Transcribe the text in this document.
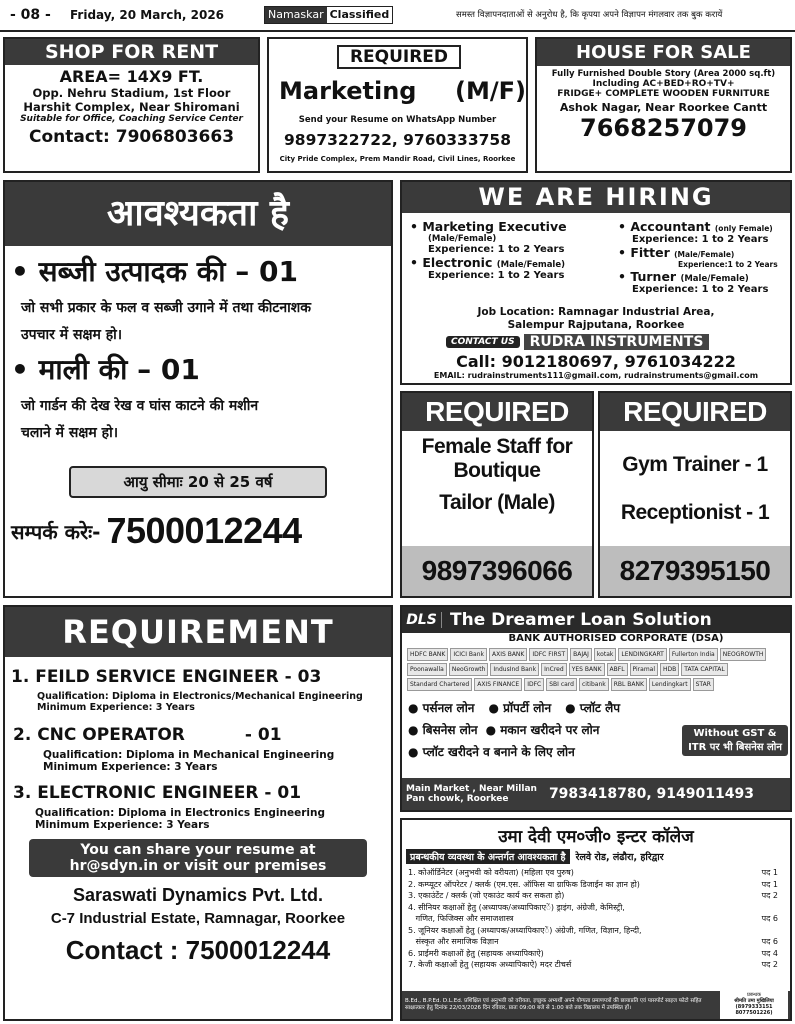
- 08 - Friday, 20 March, 2026	Namaskar Classified	समस्त विज्ञापनदाताओं से अनुरोध है, कि कृपया अपने विज्ञापन मंगलवार तक बुक करायें
SHOP FOR RENT
AREA= 14X9 FT.
Opp. Nehru Stadium, 1st Floor
Harshit Complex, Near Shiromani
Suitable for Office, Coaching Service Center
Contact: 7906803663
REQUIRED
Marketing (M/F)
Send your Resume on WhatsApp Number
9897322722, 9760333758
City Pride Complex, Prem Mandir Road, Civil Lines, Roorkee
HOUSE FOR SALE
Fully Furnished Double Story (Area 2000 sq.ft)
Including AC+BED+RO+TV+
FRIDGE+ COMPLETE WOODEN FURNITURE
Ashok Nagar, Near Roorkee Cantt
7668257079
आवश्यकता है
• सब्जी उत्पादक की – 01
जो सभी प्रकार के फल व सब्जी उगाने में तथा कीटनाशक
उपचार में सक्षम हो।
• माली की – 01
जो गार्डन की देख रेख व घांस काटने की मशीन
चलाने में सक्षम हो।
आयु सीमाः 20 से 25 वर्ष
सम्पर्क करेः- 7500012244
WE ARE HIRING
• Marketing Executive
(Male/Female)
Experience: 1 to 2 Years
• Electronic (Male/Female)
Experience: 1 to 2 Years
• Accountant (only Female)
Experience: 1 to 2 Years
• Fitter (Male/Female)
Experience:1 to 2 Years
• Turner (Male/Female)
Experience: 1 to 2 Years
Job Location: Ramnagar Industrial Area,
Salempur Rajputana, Roorkee
CONTACT US	RUDRA INSTRUMENTS
Call: 9012180697, 9761034222
EMAIL: rudrainstruments111@gmail.com, rudrainstruments@gmail.com
REQUIRED
Female Staff for
Boutique
Tailor (Male)
9897396066
REQUIRED
Gym Trainer - 1
Receptionist - 1
8279395150
REQUIREMENT
1. FEILD SERVICE ENGINEER - 03
Qualification: Diploma in Electronics/Mechanical Engineering
Minimum Experience: 3 Years
2. CNC OPERATOR	- 01
Qualification: Diploma in Mechanical Engineering
Minimum Experience: 3 Years
3. ELECTRONIC ENGINEER - 01
Qualification: Diploma in Electronics Engineering
Minimum Experience: 3 Years
You can share your resume at
hr@sdyn.in or visit our premises
Saraswati Dynamics Pvt. Ltd.
C-7 Industrial Estate, Ramnagar, Roorkee
Contact : 7500012244
DLS The Dreamer Loan Solution
BANK AUTHORISED CORPORATE (DSA)
HDFC BANK ICICI Bank AXIS BANK IDFC FIRST BAJAJ kotak LENDINGKART Fullerton India NEOGROWTHPoonawalla NeoGrowth IndusInd Bank InCred YES BANK ABFL Piramal HDB TATA CAPITALStandard Chartered AXIS FINANCE IDFC SBI card citibank RBL BANK Lendingkart STAR
● पर्सनल लोन ● प्रॉपर्टी लोन ● प्लॉट लैप
● बिसनेस लोन ● मकान खरीदने पर लोन
● प्लॉट खरीदने व बनाने के लिए लोन
Without GST & ITR पर भी बिसनेस लोन
Main Market , Near Millan
Pan chowk, Roorkee	7983418780, 9149011493
उमा देवी एम०जी० इन्टर कॉलेज
प्रबन्धकीय व्यवस्था के अन्तर्गत आवश्यकता है	रेलवे रोड, लंढौरा, हरिद्वार
1. कोऑर्डिनेटर (अनुभवी को वरीयता) (महिला एव पुरुष)	पद 1
2. कम्प्यूटर ऑपरेटर / क्लर्क (एम.एस. ऑफिस या ग्राफिक डिजाईन का ज्ञान हो)	पद 1
3. एकाउंटेंट / क्लर्क (जो एकाउंट कार्य कर सकता हो)	पद 2
4. सीनियर कक्षाओं हेतु (अध्यापक/अध्यापिकाएें) ड्राइंग, अंग्रेजी, केमिस्ट्री,
गणित, फिजिक्स और समाजशास्त्र	पद 6
5. जूनियर कक्षाओं हेतु (अध्यापक/अध्यापिकाएें) अंग्रेजी, गणित, विज्ञान, हिन्दी,
संस्कृत और समाजिक विज्ञान	पद 6
6. प्राईमरी कक्षाओं हेतु (सहायक अध्यापिकाऐ)	पद 4
7. केजी कक्षाओं हेतु (सहायक अध्यापिकाऐ) मदर टीचर्स	पद 2
B.Ed., B.P.Ed. D.L.Ed. प्रशिक्षित एवं अनुभवी को वरीयता, इच्छुक अभ्यर्थी अपने योग्यता प्रमाणपत्रों की छायाप्रति एवं पासपोर्ट साइज फोटो सहित साक्षात्कार हेतु दिनांक 22/03/2026 दिन रविवार, प्रातः 09:00 बजे से 1:00 बजे तक विद्यालय में उपस्थित हों।
प्रबन्धक
श्रीमति उमा मुखिलिया
(8979333151
8077501226)
